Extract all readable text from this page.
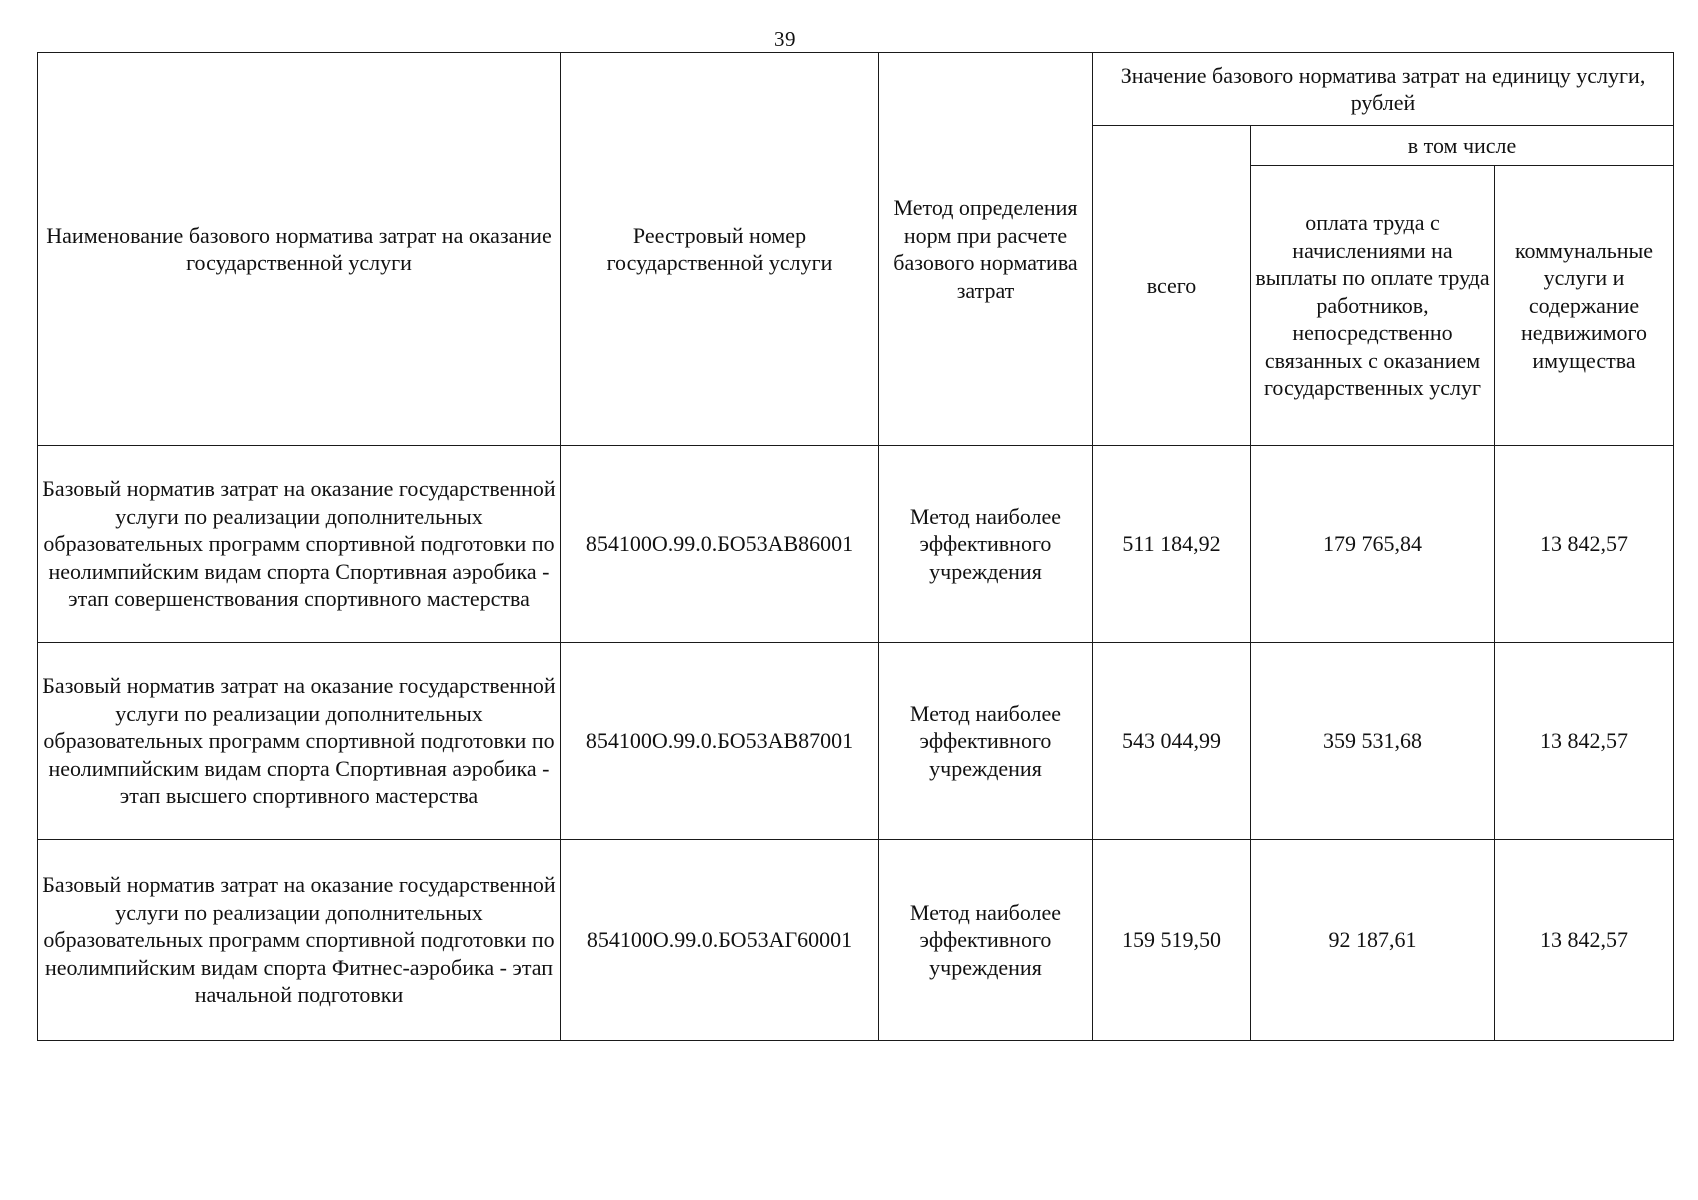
39
Наименование базового норматива затрат на оказание государственной услуги	Реестровый номер государственной услуги	Метод определения норм при расчете базового норматива затрат	Значение базового норматива затрат на единицу услуги, рублей		

			всего	в том числе	

				оплата труда с начислениями на выплаты по оплате труда работников, непосредственно связанных с оказанием государственных услуг	коммунальные услуги и содержание недвижимого имущества

Базовый норматив затрат на оказание государственной услуги по реализации дополнительных образовательных программ спортивной подготовки по неолимпийским видам спорта Спортивная аэробика - этап совершенствования спортивного мастерства	854100О.99.0.БО53АВ86001	Метод наиболее эффективного учреждения	511 184,92	179 765,84	13 842,57

Базовый норматив затрат на оказание государственной услуги по реализации дополнительных образовательных программ спортивной подготовки по неолимпийским видам спорта Спортивная аэробика - этап высшего спортивного мастерства	854100О.99.0.БО53АВ87001	Метод наиболее эффективного учреждения	543 044,99	359 531,68	13 842,57

Базовый норматив затрат на оказание государственной услуги по реализации дополнительных образовательных программ спортивной подготовки по неолимпийским видам спорта Фитнес-аэробика - этап начальной подготовки	854100О.99.0.БО53АГ60001	Метод наиболее эффективного учреждения	159 519,50	92 187,61	13 842,57
